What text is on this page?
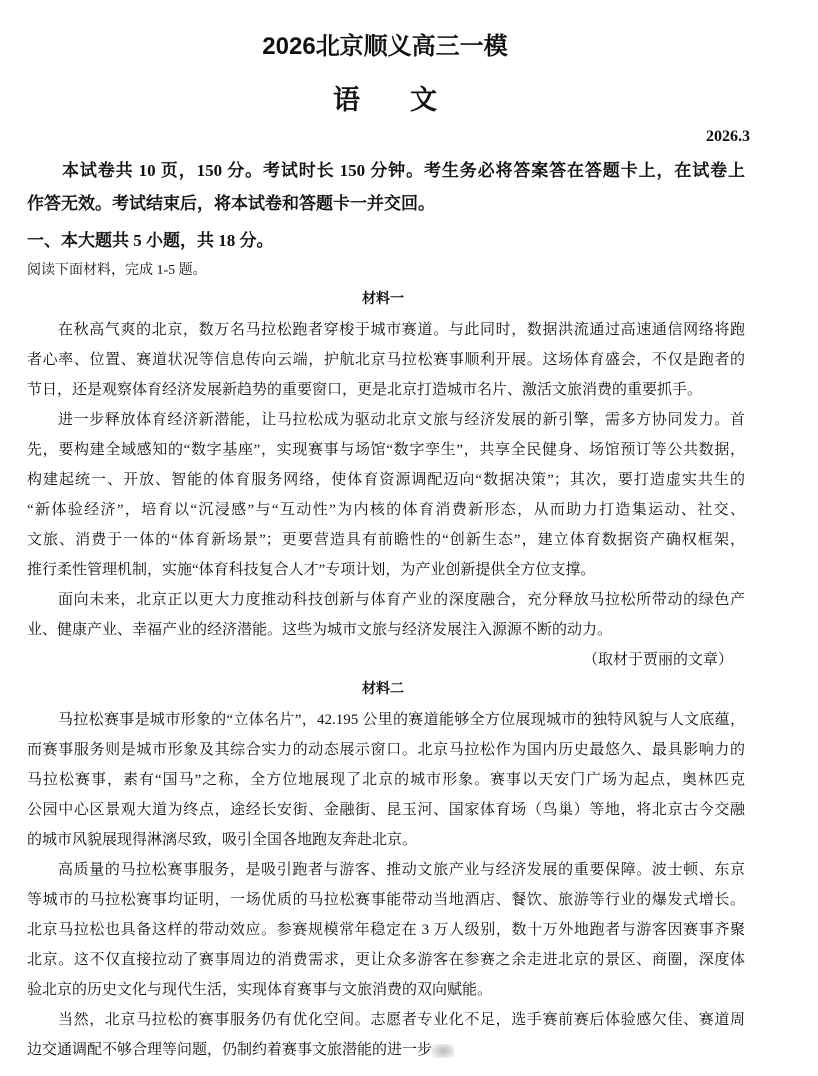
2026北京顺义高三一模
语文
2026.3
本试卷共 10 页，150 分。考试时长 150 分钟。考生务必将答案答在答题卡上，在试卷上
作答无效。考试结束后，将本试卷和答题卡一并交回。
一、本大题共 5 小题，共 18 分。
阅读下面材料，完成 1-5 题。
材料一
在秋高气爽的北京，数万名马拉松跑者穿梭于城市赛道。与此同时，数据洪流通过高速通信网络将跑
者心率、位置、赛道状况等信息传向云端，护航北京马拉松赛事顺利开展。这场体育盛会，不仅是跑者的
节日，还是观察体育经济发展新趋势的重要窗口，更是北京打造城市名片、激活文旅消费的重要抓手。
进一步释放体育经济新潜能，让马拉松成为驱动北京文旅与经济发展的新引擎，需多方协同发力。首
先，要构建全域感知的“数字基座”，实现赛事与场馆“数字孪生”，共享全民健身、场馆预订等公共数据，
构建起统一、开放、智能的体育服务网络，使体育资源调配迈向“数据决策”；其次，要打造虚实共生的
“新体验经济”，培育以“沉浸感”与“互动性”为内核的体育消费新形态，从而助力打造集运动、社交、
文旅、消费于一体的“体育新场景”；更要营造具有前瞻性的“创新生态”，建立体育数据资产确权框架，
推行柔性管理机制，实施“体育科技复合人才”专项计划，为产业创新提供全方位支撑。
面向未来，北京正以更大力度推动科技创新与体育产业的深度融合，充分释放马拉松所带动的绿色产
业、健康产业、幸福产业的经济潜能。这些为城市文旅与经济发展注入源源不断的动力。
（取材于贾丽的文章）
材料二
马拉松赛事是城市形象的“立体名片”，42.195 公里的赛道能够全方位展现城市的独特风貌与人文底蕴，
而赛事服务则是城市形象及其综合实力的动态展示窗口。北京马拉松作为国内历史最悠久、最具影响力的
马拉松赛事，素有“国马”之称，全方位地展现了北京的城市形象。赛事以天安门广场为起点，奥林匹克
公园中心区景观大道为终点，途经长安街、金融街、昆玉河、国家体育场（鸟巢）等地，将北京古今交融
的城市风貌展现得淋漓尽致，吸引全国各地跑友奔赴北京。
高质量的马拉松赛事服务，是吸引跑者与游客、推动文旅产业与经济发展的重要保障。波士顿、东京
等城市的马拉松赛事均证明，一场优质的马拉松赛事能带动当地酒店、餐饮、旅游等行业的爆发式增长。
北京马拉松也具备这样的带动效应。参赛规模常年稳定在 3 万人级别，数十万外地跑者与游客因赛事齐聚
北京。这不仅直接拉动了赛事周边的消费需求，更让众多游客在参赛之余走进北京的景区、商圈，深度体
验北京的历史文化与现代生活，实现体育赛事与文旅消费的双向赋能。
当然，北京马拉松的赛事服务仍有优化空间。志愿者专业化不足，选手赛前赛后体验感欠佳、赛道周
边交通调配不够合理等问题，仍制约着赛事文旅潜能的进一步
